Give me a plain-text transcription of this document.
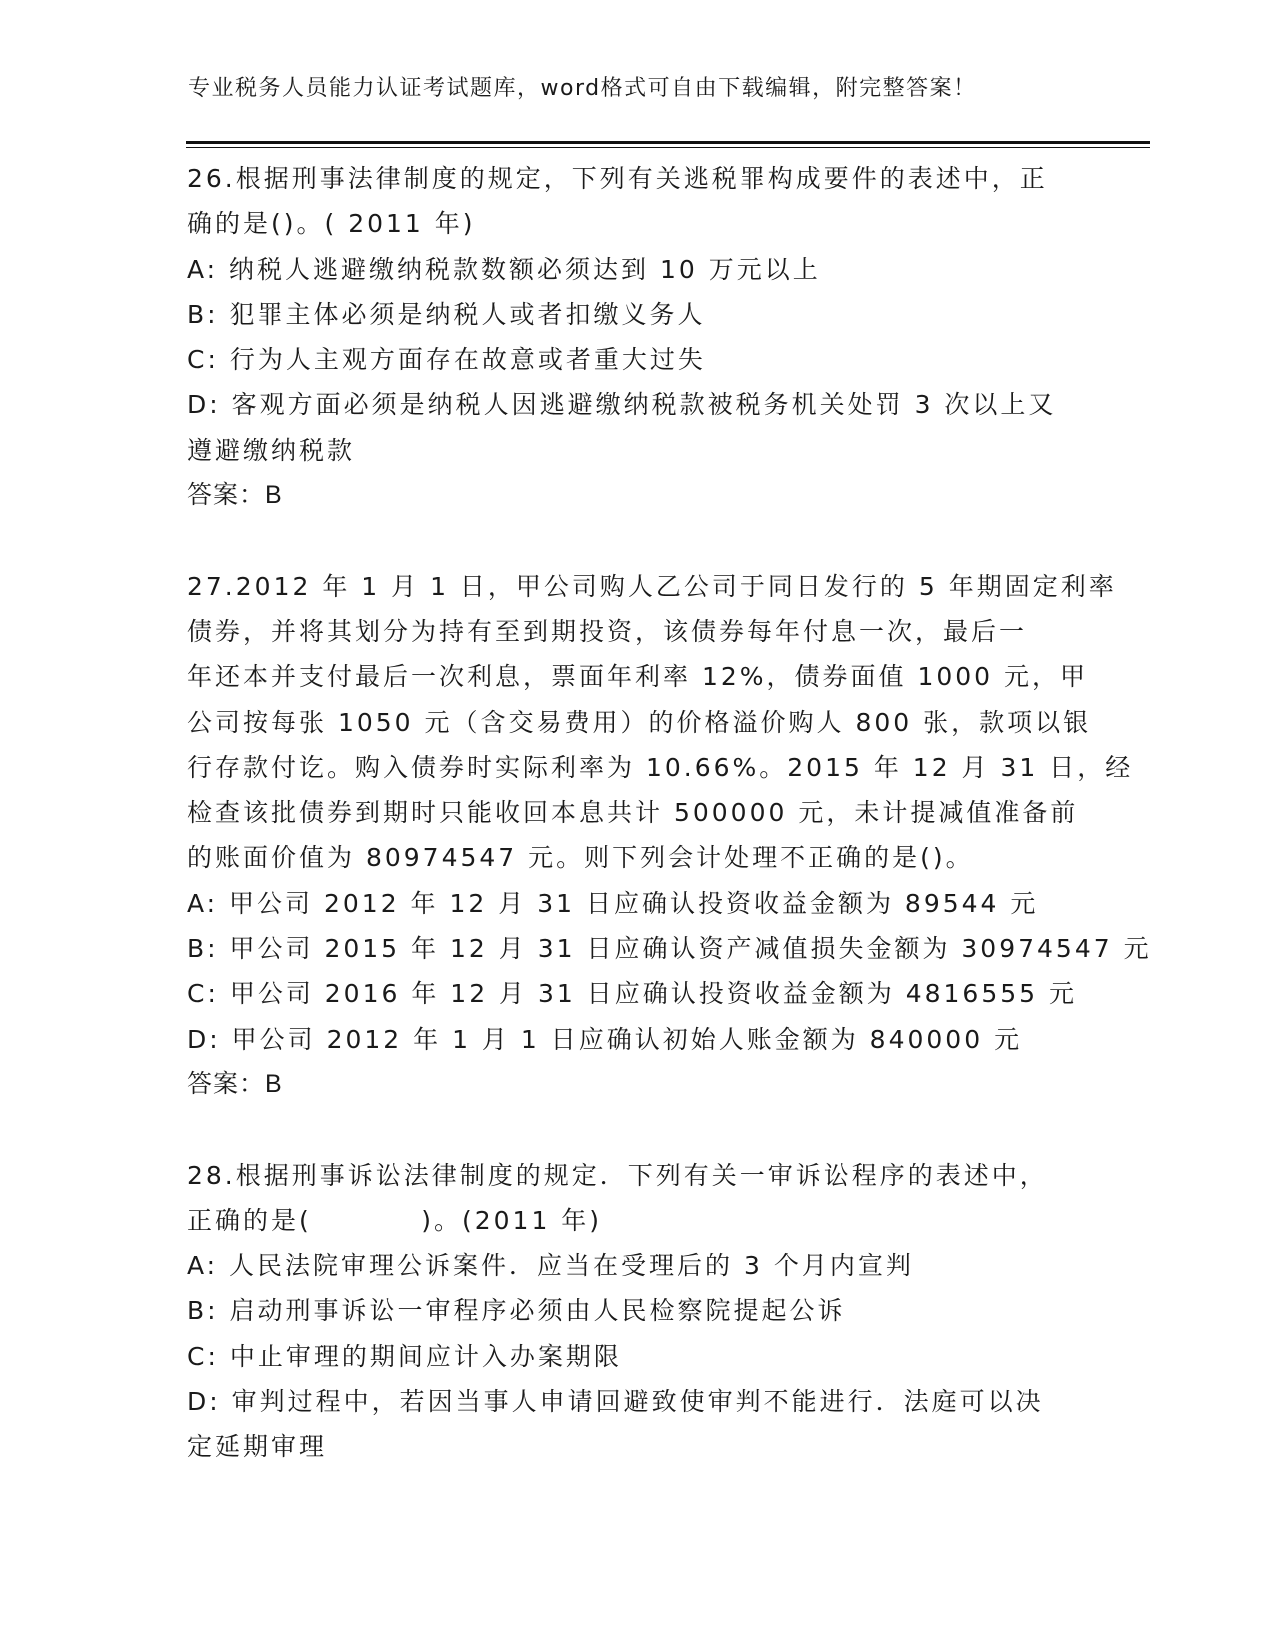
专业税务人员能力认证考试题库，word格式可自由下载编辑，附完整答案！
26.根据刑事法律制度的规定，下列有关逃税罪构成要件的表述中，正
确的是()。( 2011 年)
A: 纳税人逃避缴纳税款数额必须达到 10 万元以上
B: 犯罪主体必须是纳税人或者扣缴义务人
C: 行为人主观方面存在故意或者重大过失
D: 客观方面必须是纳税人因逃避缴纳税款被税务机关处罚 3 次以上又
遵避缴纳税款
答案：B
27.2012 年 1 月 1 日，甲公司购人乙公司于同日发行的 5 年期固定利率
债券，并将其划分为持有至到期投资，该债券每年付息一次，最后一
年还本并支付最后一次利息，票面年利率 12%，债券面值 1000 元，甲
公司按每张 1050 元（含交易费用）的价格溢价购人 800 张，款项以银
行存款付讫。购入债券时实际利率为 10.66%。2015 年 12 月 31 日，经
检查该批债券到期时只能收回本息共计 500000 元，未计提减值准备前
的账面价值为 80974547 元。则下列会计处理不正确的是()。
A: 甲公司 2012 年 12 月 31 日应确认投资收益金额为 89544 元
B: 甲公司 2015 年 12 月 31 日应确认资产减值损失金额为 30974547 元
C: 甲公司 2016 年 12 月 31 日应确认投资收益金额为 4816555 元
D: 甲公司 2012 年 1 月 1 日应确认初始人账金额为 840000 元
答案：B
28.根据刑事诉讼法律制度的规定．下列有关一审诉讼程序的表述中，
正确的是(          )。(2011 年)
A: 人民法院审理公诉案件．应当在受理后的 3 个月内宣判
B: 启动刑事诉讼一审程序必须由人民检察院提起公诉
C: 中止审理的期间应计入办案期限
D: 审判过程中，若因当事人申请回避致使审判不能进行．法庭可以决
定延期审理
